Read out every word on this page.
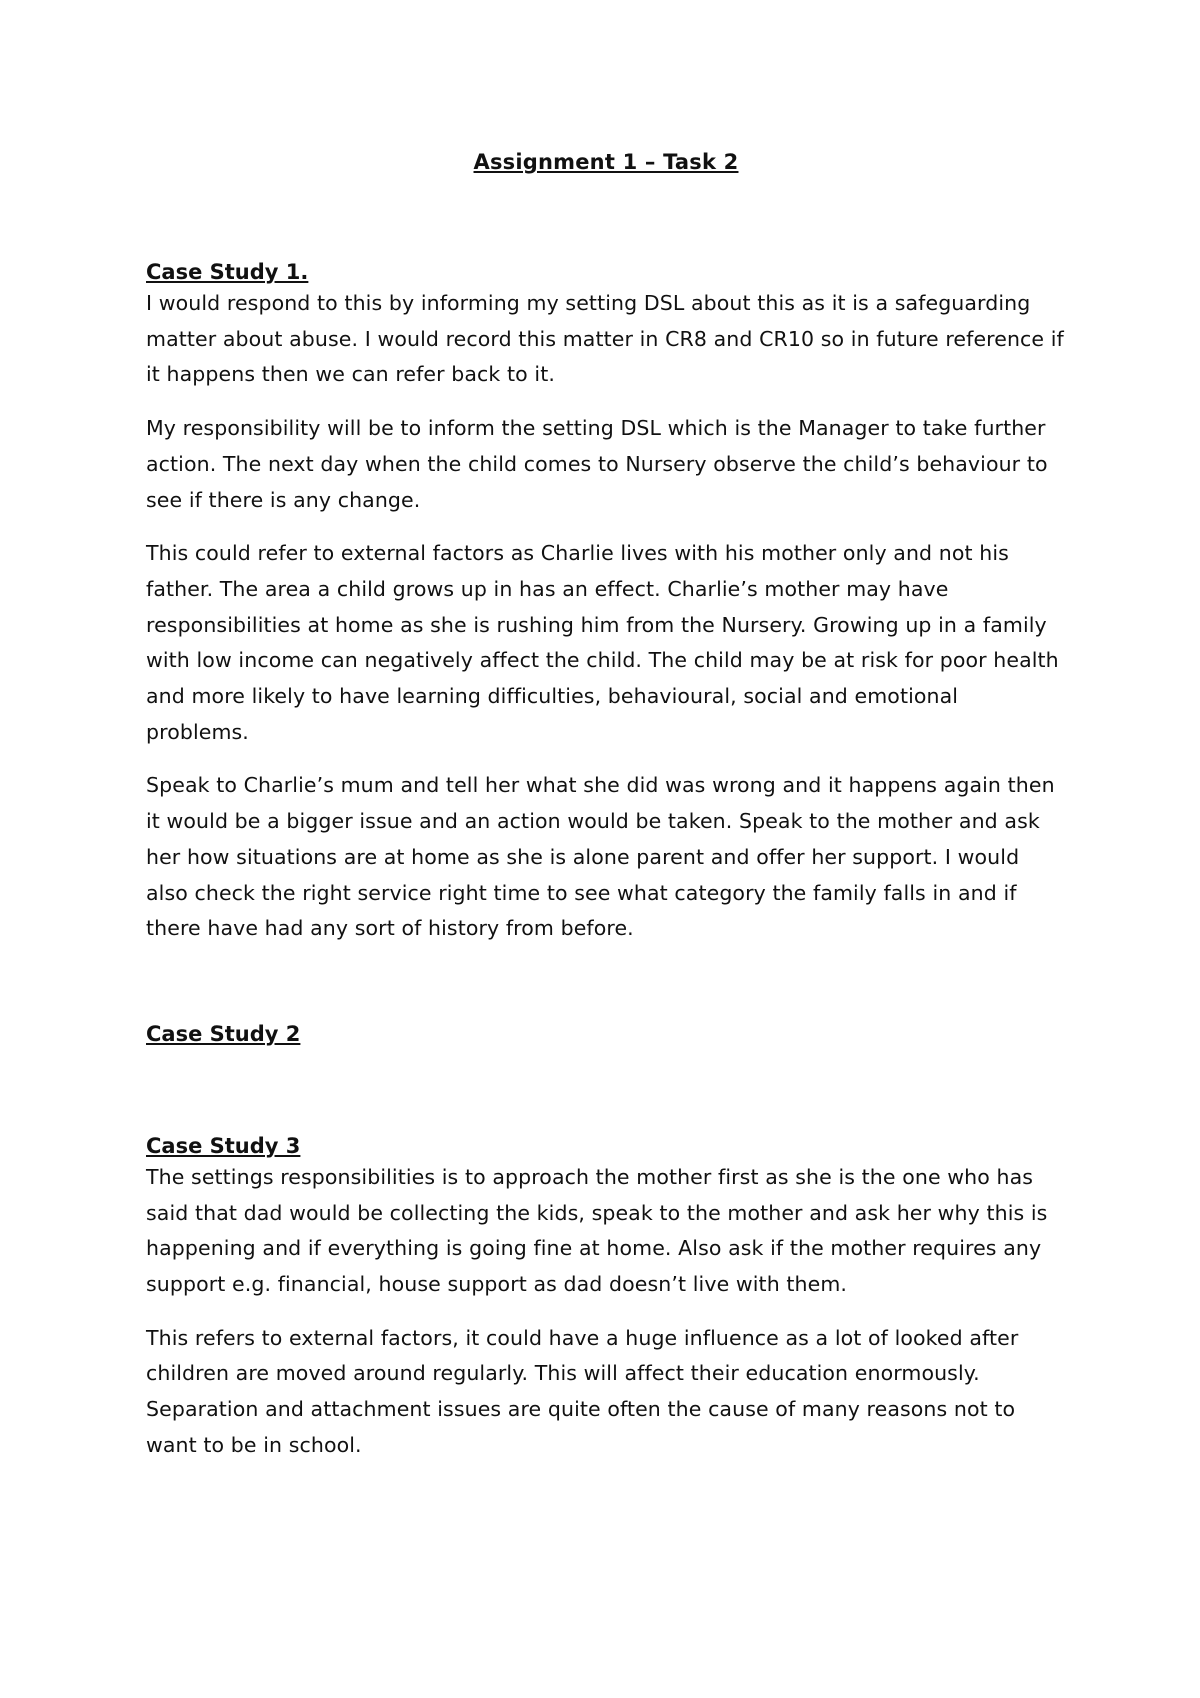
Assignment 1 – Task 2
Case Study 1.

I would respond to this by informing my setting DSL about this as it is a safeguarding matter about abuse. I would record this matter in CR8 and CR10 so in future reference if it happens then we can refer back to it.

My responsibility will be to inform the setting DSL which is the Manager to take further action. The next day when the child comes to Nursery observe the child’s behaviour to see if there is any change.

This could refer to external factors as Charlie lives with his mother only and not his father. The area a child grows up in has an effect. Charlie’s mother may have responsibilities at home as she is rushing him from the Nursery. Growing up in a family with low income can negatively affect the child. The child may be at risk for poor health and more likely to have learning difficulties, behavioural, social and emotional problems.

Speak to Charlie’s mum and tell her what she did was wrong and it happens again then it would be a bigger issue and an action would be taken. Speak to the mother and ask her how situations are at home as she is alone parent and offer her support. I would also check the right service right time to see what category the family falls in and if there have had any sort of history from before.

Case Study 2
Case Study 3

The settings responsibilities is to approach the mother first as she is the one who has said that dad would be collecting the kids, speak to the mother and ask her why this is happening and if everything is going fine at home. Also ask if the mother requires any support e.g. financial, house support as dad doesn’t live with them.

This refers to external factors, it could have a huge influence as a lot of looked after children are moved around regularly. This will affect their education enormously. Separation and attachment issues are quite often the cause of many reasons not to want to be in school.
